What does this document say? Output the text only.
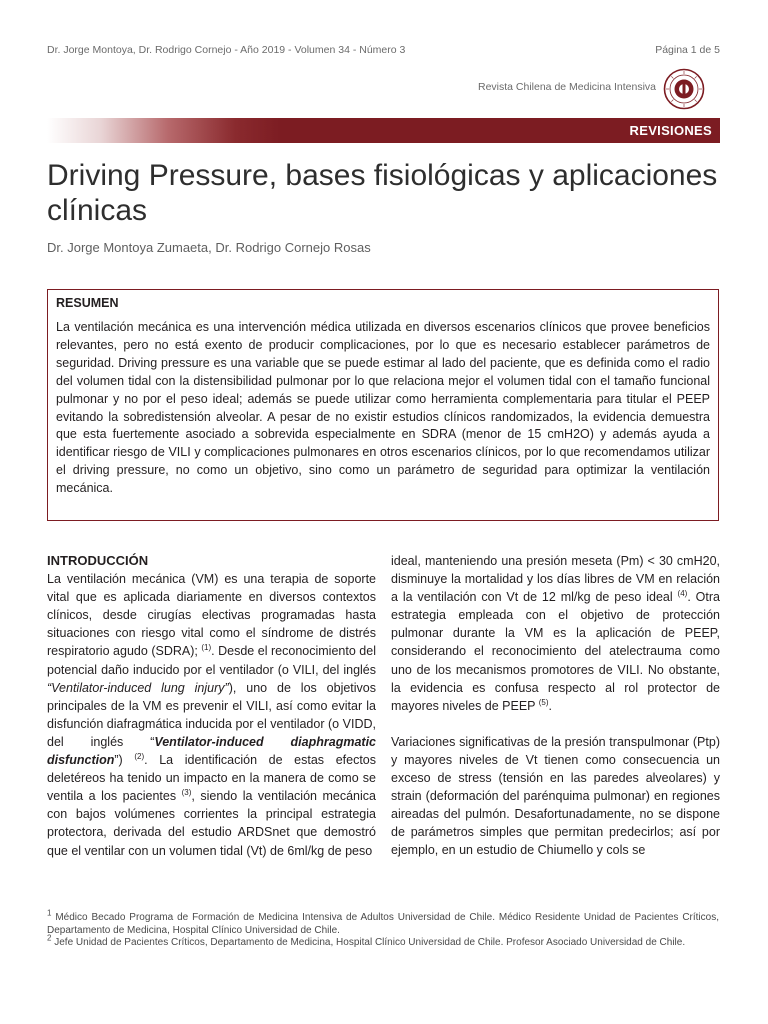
Dr. Jorge Montoya, Dr. Rodrigo Cornejo - Año 2019 - Volumen 34 - Número 3	Página 1 de 5
Revista Chilena de Medicina Intensiva
REVISIONES
Driving Pressure, bases fisiológicas y aplicaciones clínicas
Dr. Jorge Montoya Zumaeta, Dr. Rodrigo Cornejo Rosas
RESUMEN

La ventilación mecánica es una intervención médica utilizada en diversos escenarios clínicos que provee beneficios relevantes, pero no está exento de producir complicaciones, por lo que es necesario establecer parámetros de seguridad. Driving pressure es una variable que se puede estimar al lado del paciente, que es definida como el radio del volumen tidal con la distensibilidad pulmonar por lo que relaciona mejor el volumen tidal con el tamaño funcional pulmonar y no por el peso ideal; además se puede utilizar como herramienta complementaria para titular el PEEP evitando la sobredistensión alveolar. A pesar de no existir estudios clínicos randomizados, la evidencia demuestra que esta fuertemente asociado a sobrevida especialmente en SDRA (menor de 15 cmH2O) y además ayuda a identificar riesgo de VILI y complicaciones pulmonares en otros escenarios clínicos, por lo que recomendamos utilizar el driving pressure, no como un objetivo, sino como un parámetro de seguridad para optimizar la ventilación mecánica.

INTRODUCCIÓN

La ventilación mecánica (VM) es una terapia de soporte vital que es aplicada diariamente en diversos contextos clínicos, desde cirugías electivas programadas hasta situaciones con riesgo vital como el síndrome de distrés respiratorio agudo (SDRA); $^{(1)}$. Desde el reconocimiento del potencial daño inducido por el ventilador (o VILI, del inglés “Ventilator-induced lung injury”), uno de los objetivos principales de la VM es prevenir el VILI, así como evitar la disfunción diafragmática inducida por el ventilador (o VIDD, del inglés “Ventilator-induced diaphragmatic disfunction”) $^{(2)}$. La identificación de estas efectos deletéreos ha tenido un impacto en la manera de como se ventila a los pacientes $^{(3)}$, siendo la ventilación mecánica con bajos volúmenes corrientes la principal estrategia protectora, derivada del estudio ARDSnet que demostró que el ventilar con un volumen tidal (Vt) de 6ml/kg de peso

ideal, manteniendo una presión meseta (Pm) < 30 cmH20, disminuye la mortalidad y los días libres de VM en relación a la ventilación con Vt de 12 ml/kg de peso ideal $^{(4)}$. Otra estrategia empleada con el objetivo de protección pulmonar durante la VM es la aplicación de PEEP, considerando el reconocimiento del atelectrauma como uno de los mecanismos promotores de VILI. No obstante, la evidencia es confusa respecto al rol protector de mayores niveles de PEEP $^{(5)}$.

Variaciones significativas de la presión transpulmonar (Ptp) y mayores niveles de Vt tienen como consecuencia un exceso de stress (tensión en las paredes alveolares) y strain (deformación del parénquima pulmonar) en regiones aireadas del pulmón. Desafortunadamente, no se dispone de parámetros simples que permitan predecirlos; así por ejemplo, en un estudio de Chiumello y cols se

$^1$ Médico Becado Programa de Formación de Medicina Intensiva de Adultos Universidad de Chile. Médico Residente Unidad de Pacientes Críticos, Departamento de Medicina, Hospital Clínico Universidad de Chile.

$^2$ Jefe Unidad de Pacientes Críticos, Departamento de Medicina, Hospital Clínico Universidad de Chile. Profesor Asociado Universidad de Chile.
